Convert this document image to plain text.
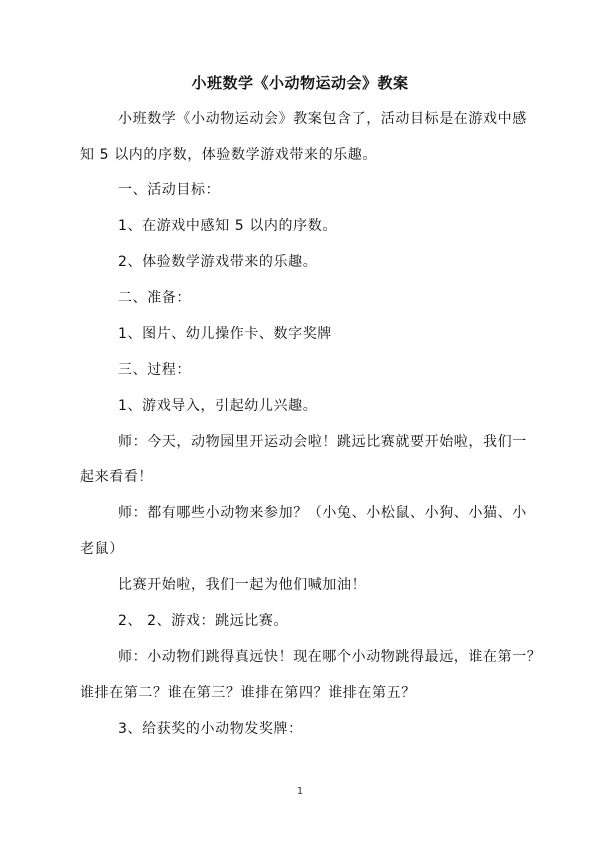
小班数学《小动物运动会》教案
小班数学《小动物运动会》教案包含了，活动目标是在游戏中感
知 5 以内的序数，体验数学游戏带来的乐趣。
一、活动目标：
1、在游戏中感知 5 以内的序数。
2、体验数学游戏带来的乐趣。
二、准备：
1、图片、幼儿操作卡、数字奖牌
三、过程：
1、游戏导入，引起幼儿兴趣。
师：今天，动物园里开运动会啦！跳远比赛就要开始啦，我们一
起来看看！
师：都有哪些小动物来参加？（小兔、小松鼠、小狗、小猫、小
老鼠）
比赛开始啦，我们一起为他们喊加油！
2、 2、游戏：跳远比赛。
师：小动物们跳得真远快！现在哪个小动物跳得最远，谁在第一？
谁排在第二？谁在第三？谁排在第四？谁排在第五？
3、给获奖的小动物发奖牌：
1
